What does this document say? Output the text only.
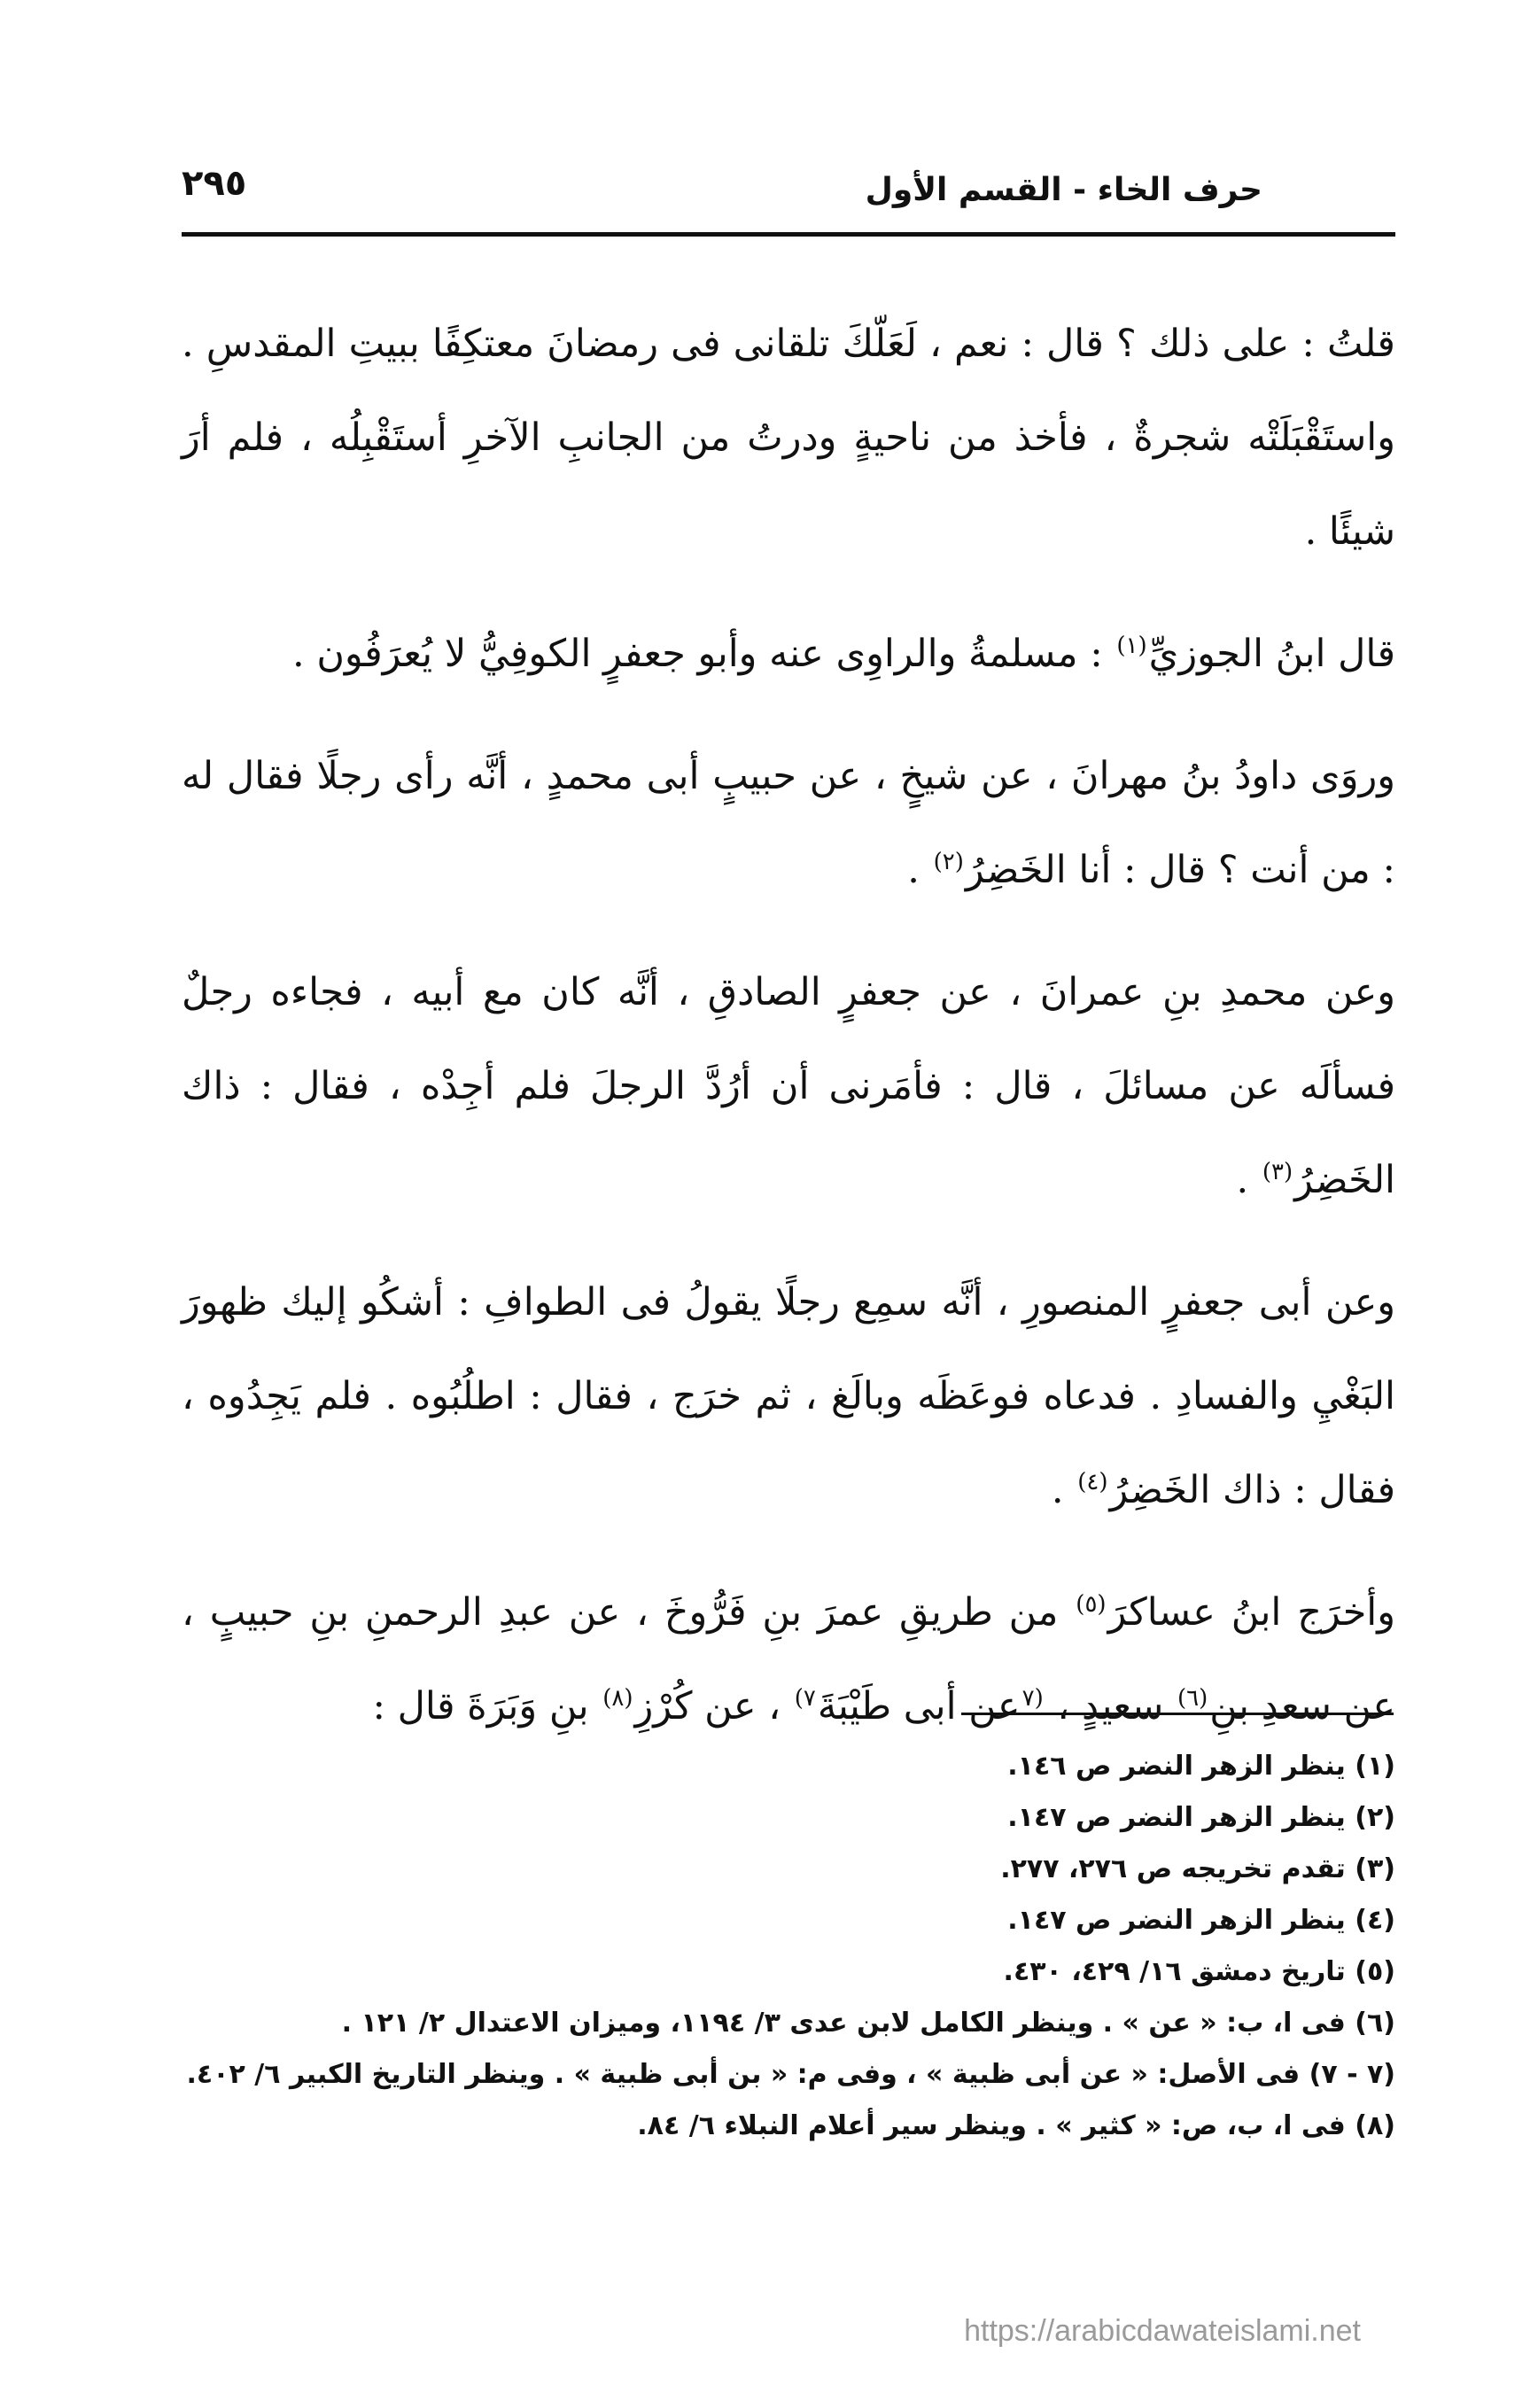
حرف الخاء - القسم الأول
٢٩٥

قلتُ : على ذلك ؟ قال : نعم ، لَعَلّكَ تلقانى فى رمضانَ معتكِفًا ببيتِ المقدسِ . واستَقْبَلَتْه شجرةٌ ، فأخذ من ناحيةٍ ودرتُ من الجانبِ الآخرِ أستَقْبِلُه ، فلم أرَ شيئًا .

قال ابنُ الجوزيِّ$^{(١)}$ : مسلمةُ والراوِى عنه وأبو جعفرٍ الكوفِيُّ لا يُعرَفُون .

وروَى داودُ بنُ مهرانَ ، عن شيخٍ ، عن حبيبٍ أبى محمدٍ ، أنَّه رأى رجلًا فقال له : من أنت ؟ قال : أنا الخَضِرُ$^{(٢)}$ .

وعن محمدِ بنِ عمرانَ ، عن جعفرٍ الصادقِ ، أنَّه كان مع أبيه ، فجاءه رجلٌ فسألَه عن مسائلَ ، قال : فأمَرنى أن أرُدَّ الرجلَ فلم أجِدْه ، فقال : ذاك الخَضِرُ$^{(٣)}$ .

وعن أبى جعفرٍ المنصورِ ، أنَّه سمِع رجلًا يقولُ فى الطوافِ : أشكُو إليك ظهورَ البَغْيِ والفسادِ . فدعاه فوعَظَه وبالَغ ، ثم خرَج ، فقال : اطلُبُوه . فلم يَجِدُوه ، فقال : ذاك الخَضِرُ$^{(٤)}$ .

وأخرَج ابنُ عساكرَ$^{(٥)}$ من طريقِ عمرَ بنِ فَرُّوخَ ، عن عبدِ الرحمنِ بنِ حبيبٍ ، عن سعدِ بنِ$^{(٦)}$ سعيدٍ ، $^{(٧}$عن أبى طَيْبَةَ$^{٧)}$ ، عن كُرْزِ$^{(٨)}$ بنِ وَبَرَةَ قال :

(١) ينظر الزهر النضر ص ١٤٦.
(٢) ينظر الزهر النضر ص ١٤٧.
(٣) تقدم تخريجه ص ٢٧٦، ٢٧٧.
(٤) ينظر الزهر النضر ص ١٤٧.
(٥) تاريخ دمشق ١٦/ ٤٢٩، ٤٣٠.
(٦) فى ا، ب: « عن » . وينظر الكامل لابن عدى ٣/ ١١٩٤، وميزان الاعتدال ٢/ ١٢١ .
(٧ - ٧) فى الأصل: « عن أبى ظبية » ، وفى م: « بن أبى ظبية » . وينظر التاريخ الكبير ٦/ ٤٠٢.
(٨) فى ا، ب، ص: « كثير » . وينظر سير أعلام النبلاء ٦/ ٨٤.
https://arabicdawateislami.net
